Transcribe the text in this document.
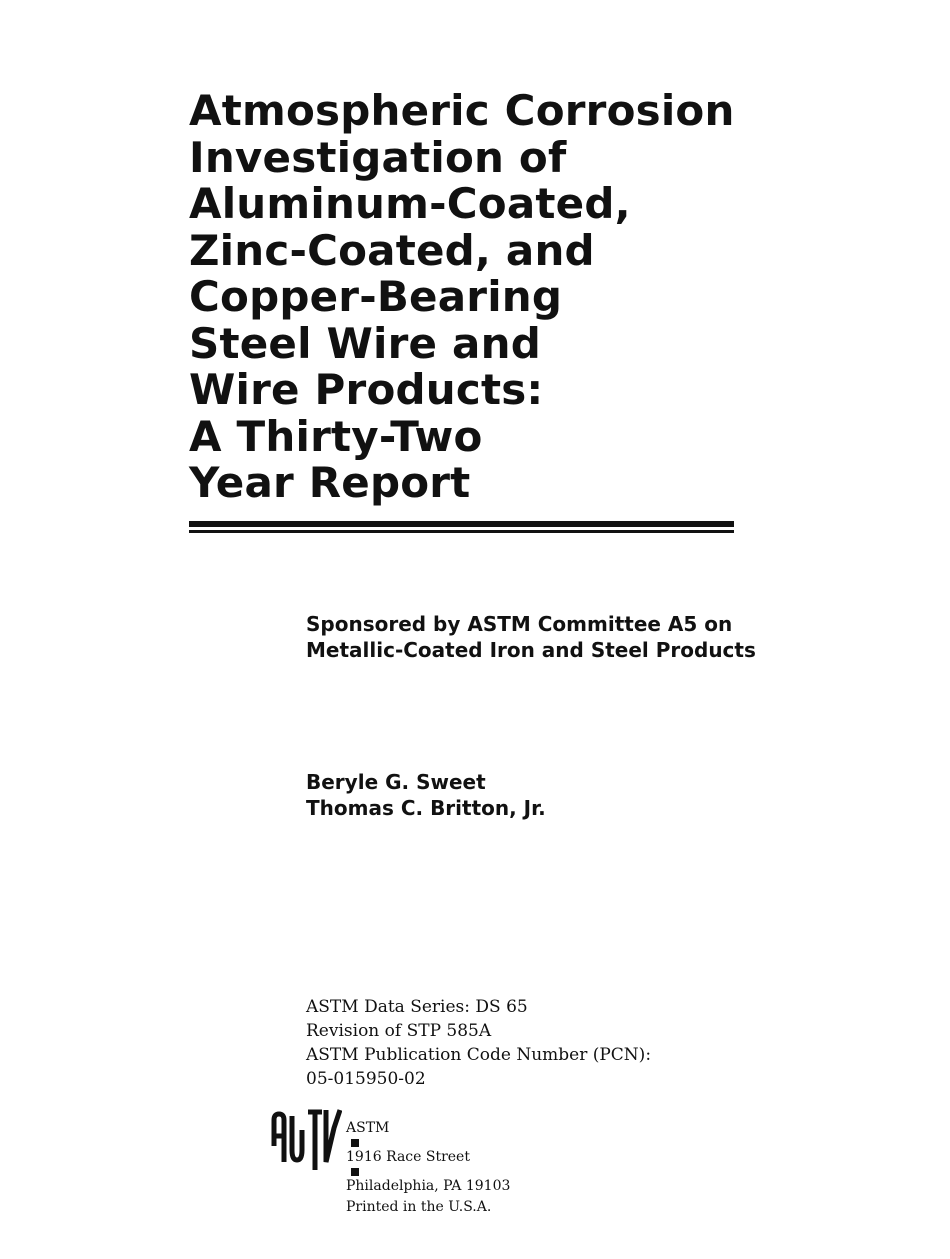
Atmospheric Corrosion
Investigation of
Aluminum-Coated,
Zinc-Coated, and
Copper-Bearing
Steel Wire and
Wire Products:
A Thirty-Two
Year Report

Sponsored by ASTM Committee A5 on
Metallic-Coated Iron and Steel Products

Beryle G. Sweet
Thomas C. Britton, Jr.

ASTM Data Series: DS 65
Revision of STP 585A
ASTM Publication Code Number (PCN):
05-015950-02

ASTM
1916 Race Street
Philadelphia, PA 19103
Printed in the U.S.A.
